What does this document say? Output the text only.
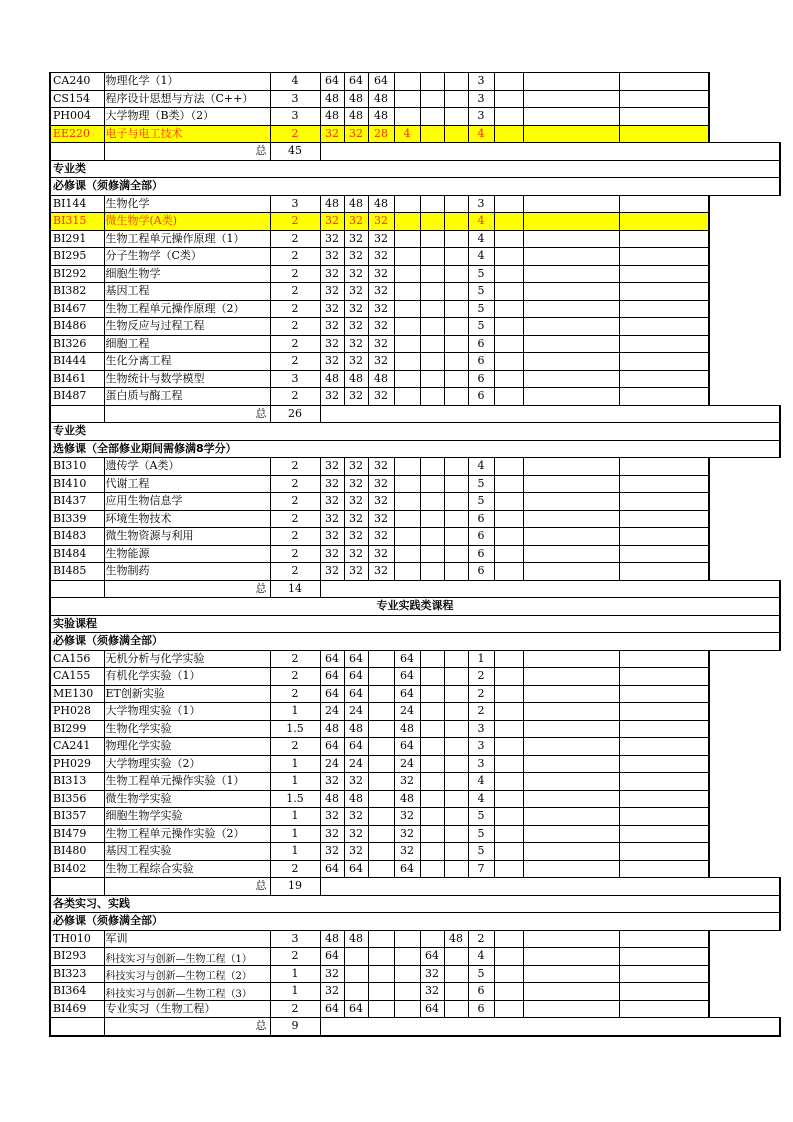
CA240	物理化学（1）	4	64	64	64				3			
CS154	程序设计思想与方法（C++）	3	48	48	48				3			
PH004	大学物理（B类）（2）	3	48	48	48				3			
EE220	电子与电工技术	2	32	32	28	4			4			
	总	45										
专业类												
必修课（须修满全部）												
BI144	生物化学	3	48	48	48				3			
BI315	微生物学(A类)	2	32	32	32				4			
BI291	生物工程单元操作原理（1）	2	32	32	32				4			
BI295	分子生物学（C类）	2	32	32	32				4			
BI292	细胞生物学	2	32	32	32				5			
BI382	基因工程	2	32	32	32				5			
BI467	生物工程单元操作原理（2）	2	32	32	32				5			
BI486	生物反应与过程工程	2	32	32	32				5			
BI326	细胞工程	2	32	32	32				6			
BI444	生化分离工程	2	32	32	32				6			
BI461	生物统计与数学模型	3	48	48	48				6			
BI487	蛋白质与酶工程	2	32	32	32				6			
	总	26										
专业类												
选修课（全部修业期间需修满8学分）												
BI310	遗传学（A类）	2	32	32	32				4			
BI410	代谢工程	2	32	32	32				5			
BI437	应用生物信息学	2	32	32	32				5			
BI339	环境生物技术	2	32	32	32				6			
BI483	微生物资源与利用	2	32	32	32				6			
BI484	生物能源	2	32	32	32				6			
BI485	生物制药	2	32	32	32				6			
	总	14										
专业实践类课程												
实验课程												
必修课（须修满全部）												
CA156	无机分析与化学实验	2	64	64		64			1			
CA155	有机化学实验（1）	2	64	64		64			2			
ME130	ET创新实验	2	64	64		64			2			
PH028	大学物理实验（1）	1	24	24		24			2			
BI299	生物化学实验	1.5	48	48		48			3			
CA241	物理化学实验	2	64	64		64			3			
PH029	大学物理实验（2）	1	24	24		24			3			
BI313	生物工程单元操作实验（1）	1	32	32		32			4			
BI356	微生物学实验	1.5	48	48		48			4			
BI357	细胞生物学实验	1	32	32		32			5			
BI479	生物工程单元操作实验（2）	1	32	32		32			5			
BI480	基因工程实验	1	32	32		32			5			
BI402	生物工程综合实验	2	64	64		64			7			
	总	19										
各类实习、实践												
必修课（须修满全部）												
TH010	军训	3	48	48				48	2			
BI293	科技实习与创新—生物工程（1）	2	64				64		4			
BI323	科技实习与创新—生物工程（2）	1	32				32		5			
BI364	科技实习与创新—生物工程（3）	1	32				32		6			
BI469	专业实习（生物工程）	2	64	64			64		6			
	总	9										
